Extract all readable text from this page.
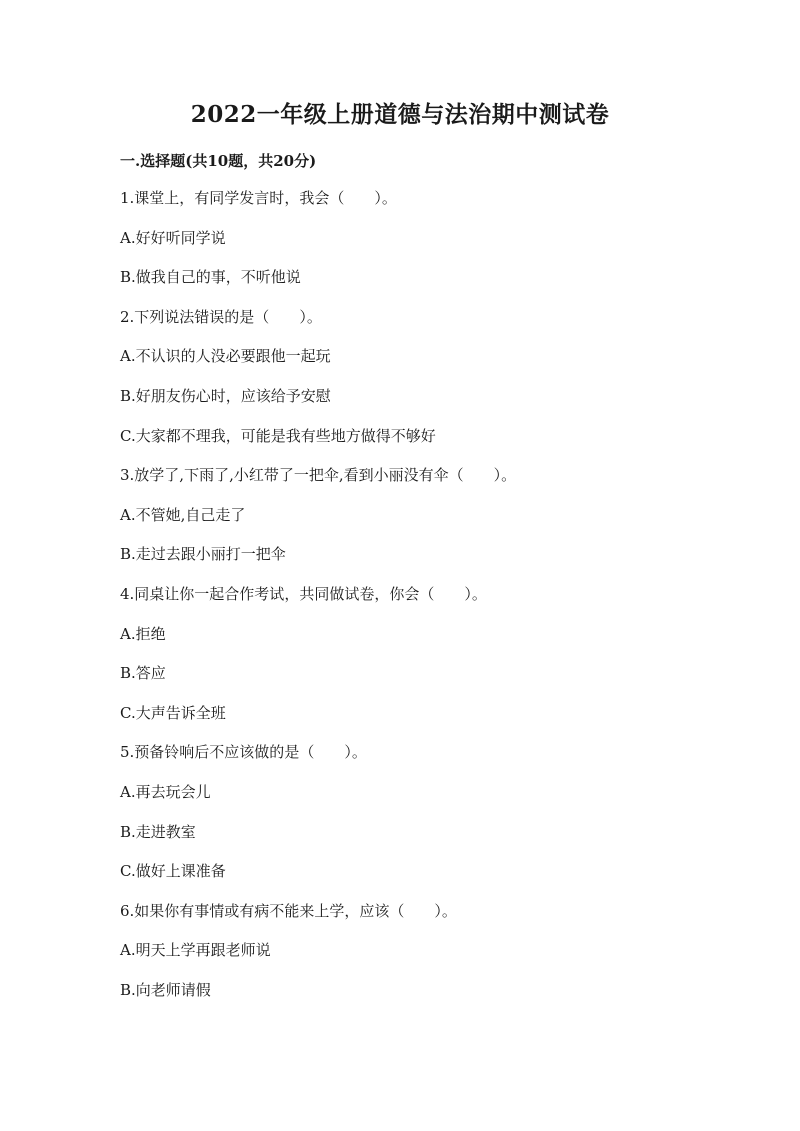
2022一年级上册道德与法治期中测试卷
一.选择题(共10题，共20分)
1.课堂上，有同学发言时，我会（　　）。
A.好好听同学说
B.做我自己的事，不听他说
2.下列说法错误的是（　　）。
A.不认识的人没必要跟他一起玩
B.好朋友伤心时，应该给予安慰
C.大家都不理我，可能是我有些地方做得不够好
3.放学了,下雨了,小红带了一把伞,看到小丽没有伞（　　）。
A.不管她,自己走了
B.走过去跟小丽打一把伞
4.同桌让你一起合作考试，共同做试卷，你会（　　）。
A.拒绝
B.答应
C.大声告诉全班
5.预备铃响后不应该做的是（　　）。
A.再去玩会儿
B.走进教室
C.做好上课准备
6.如果你有事情或有病不能来上学，应该（　　）。
A.明天上学再跟老师说
B.向老师请假
